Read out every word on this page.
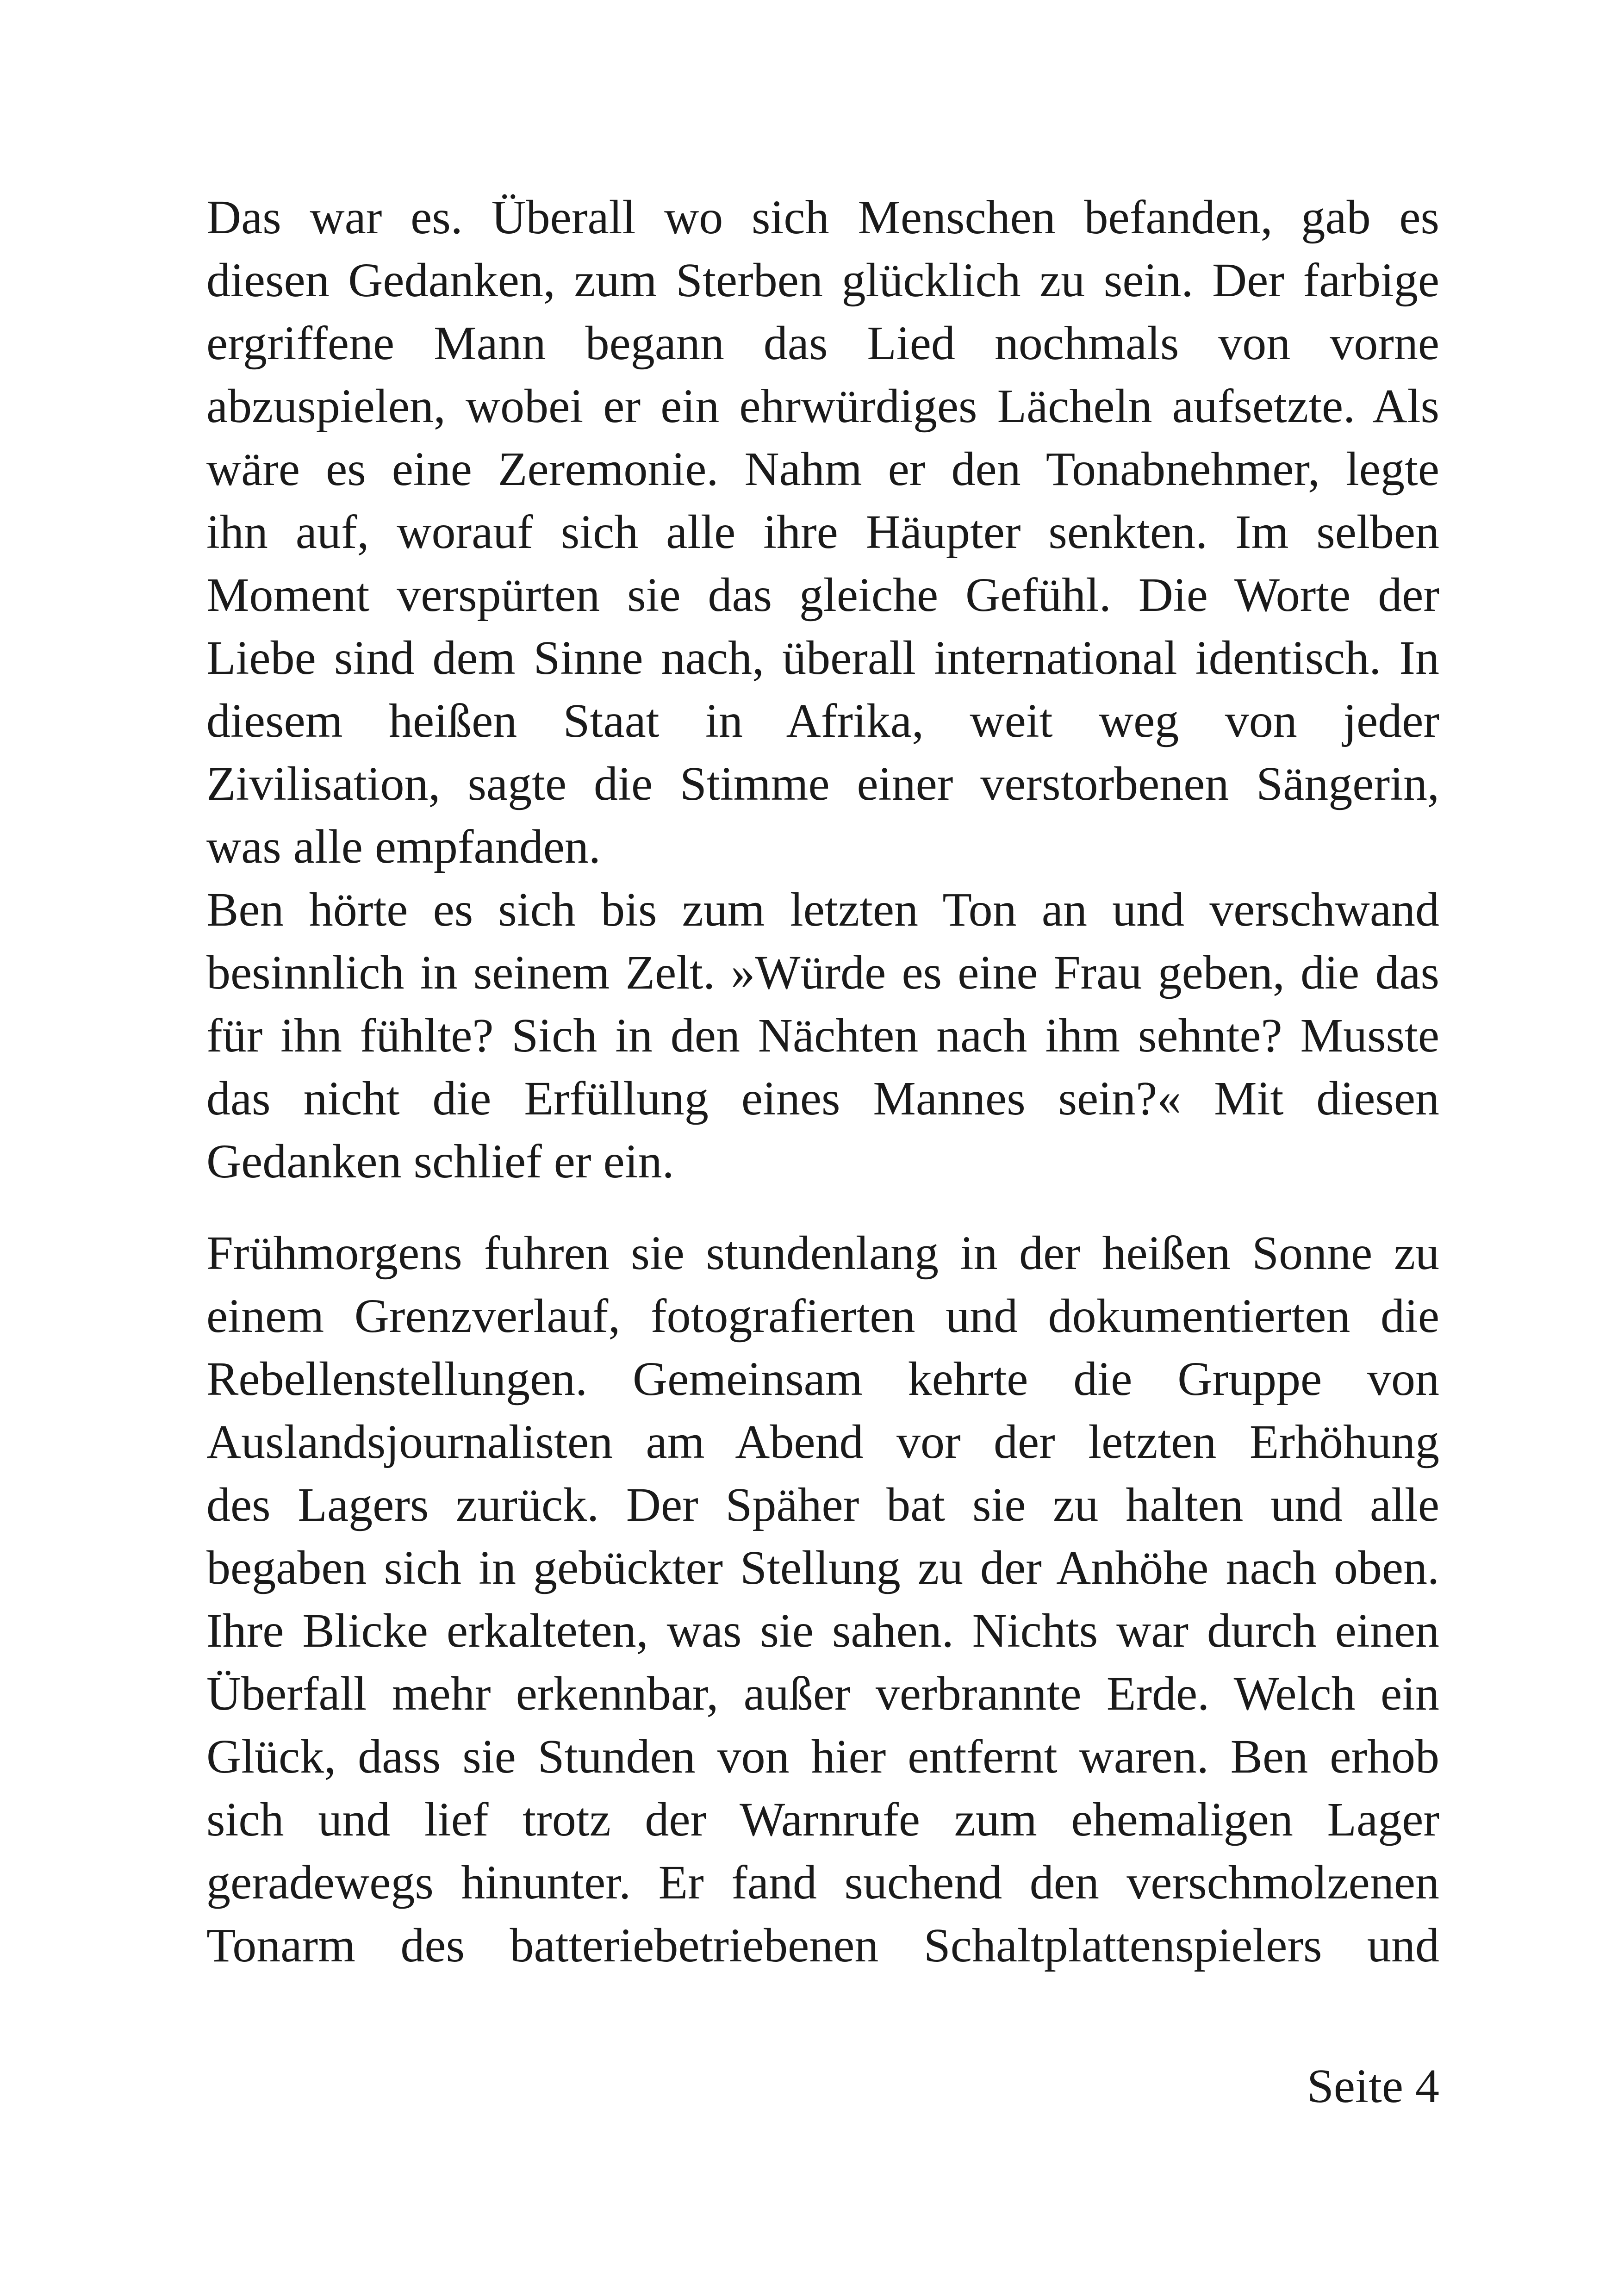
Das war es. Überall wo sich Menschen befanden, gab es
diesen Gedanken, zum Sterben glücklich zu sein. Der farbige
ergriffene Mann begann das Lied nochmals von vorne
abzuspielen, wobei er ein ehrwürdiges Lächeln aufsetzte. Als
wäre es eine Zeremonie. Nahm er den Tonabnehmer, legte
ihn auf, worauf sich alle ihre Häupter senkten. Im selben
Moment verspürten sie das gleiche Gefühl. Die Worte der
Liebe sind dem Sinne nach, überall international identisch. In
diesem heißen Staat in Afrika, weit weg von jeder
Zivilisation, sagte die Stimme einer verstorbenen Sängerin,
was alle empfanden.
Ben hörte es sich bis zum letzten Ton an und verschwand
besinnlich in seinem Zelt. »Würde es eine Frau geben, die das
für ihn fühlte? Sich in den Nächten nach ihm sehnte? Musste
das nicht die Erfüllung eines Mannes sein?« Mit diesen
Gedanken schlief er ein.
Frühmorgens fuhren sie stundenlang in der heißen Sonne zu
einem Grenzverlauf, fotografierten und dokumentierten die
Rebellenstellungen. Gemeinsam kehrte die Gruppe von
Auslandsjournalisten am Abend vor der letzten Erhöhung
des Lagers zurück. Der Späher bat sie zu halten und alle
begaben sich in gebückter Stellung zu der Anhöhe nach oben.
Ihre Blicke erkalteten, was sie sahen. Nichts war durch einen
Überfall mehr erkennbar, außer verbrannte Erde. Welch ein
Glück, dass sie Stunden von hier entfernt waren. Ben erhob
sich und lief trotz der Warnrufe zum ehemaligen Lager
geradewegs hinunter. Er fand suchend den verschmolzenen
Tonarm des batteriebetriebenen Schaltplattenspielers und
Seite 4
